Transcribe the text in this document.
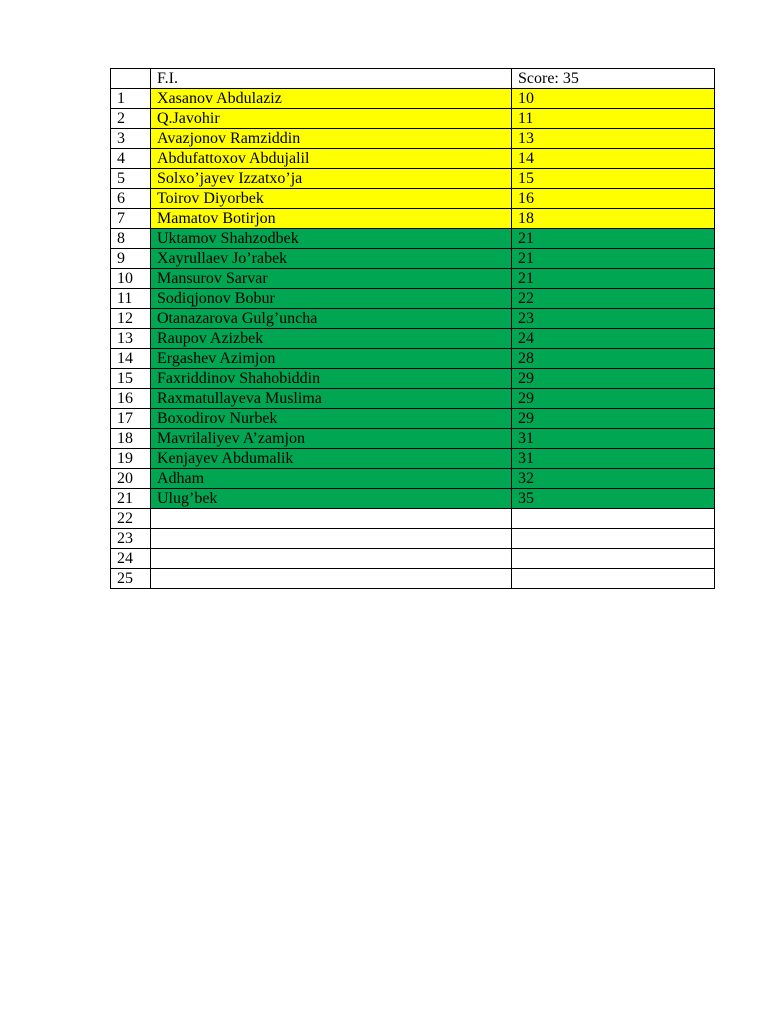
	F.I.	Score: 35
1	Xasanov Abdulaziz	10
2	Q.Javohir	11
3	Avazjonov Ramziddin	13
4	Abdufattoxov Abdujalil	14
5	Solxo’jayev Izzatxo’ja	15
6	Toirov Diyorbek	16
7	Mamatov Botirjon	18
8	Uktamov Shahzodbek	21
9	Xayrullaev Jo’rabek	21
10	Mansurov Sarvar	21
11	Sodiqjonov Bobur	22
12	Otanazarova Gulg’uncha	23
13	Raupov Azizbek	24
14	Ergashev Azimjon	28
15	Faxriddinov Shahobiddin	29
16	Raxmatullayeva Muslima	29
17	Boxodirov Nurbek	29
18	Mavrilaliyev A’zamjon	31
19	Kenjayev Abdumalik	31
20	Adham	32
21	Ulug’bek	35
22		
23		
24		
25		
